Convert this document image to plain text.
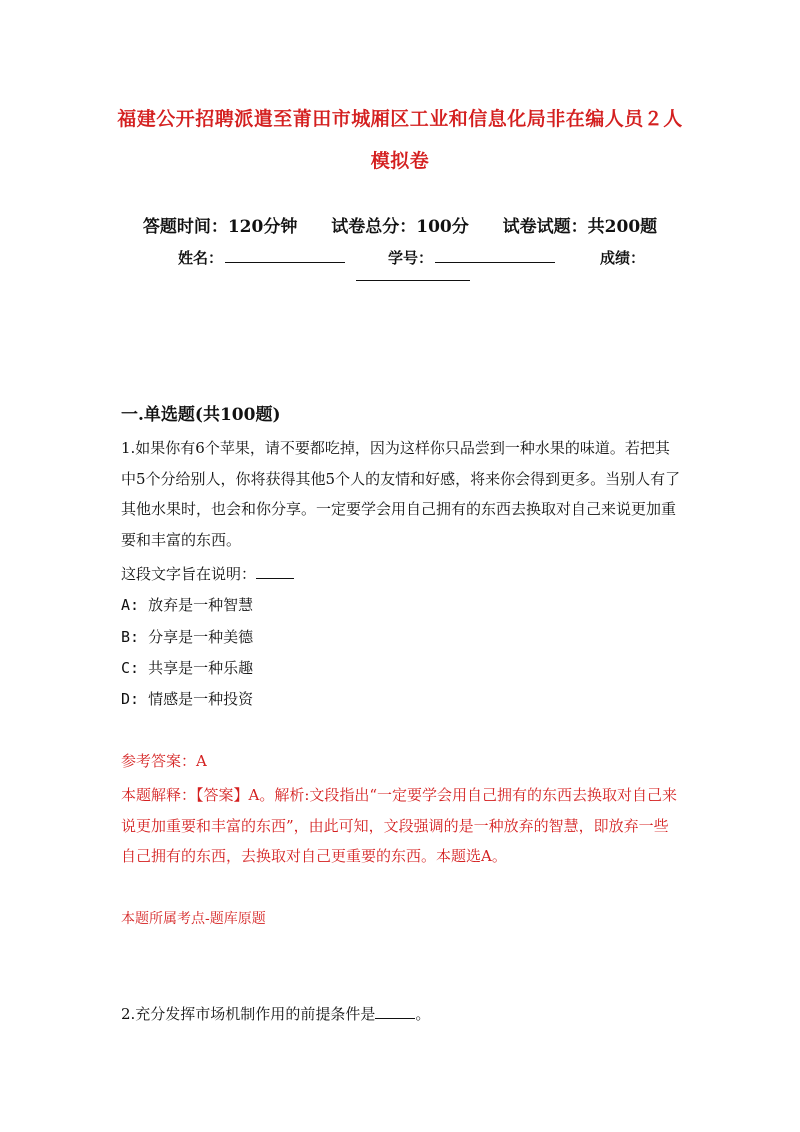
福建公开招聘派遣至莆田市城厢区工业和信息化局非在编人员２人
模拟卷
答题时间：120分钟 试卷总分：100分 试卷试题：共200题
姓名：	学号：	成绩：
一.单选题(共100题)
1.如果你有6个苹果，请不要都吃掉，因为这样你只品尝到一种水果的味道。若把其中5个分给别人，你将获得其他5个人的友情和好感，将来你会得到更多。当别人有了其他水果时，也会和你分享。一定要学会用自己拥有的东西去换取对自己来说更加重要和丰富的东西。
这段文字旨在说明：
A: 放弃是一种智慧
B: 分享是一种美德
C: 共享是一种乐趣
D: 情感是一种投资
参考答案：A
本题解释：【答案】A。解析:文段指出“一定要学会用自己拥有的东西去换取对自己来说更加重要和丰富的东西”，由此可知，文段强调的是一种放弃的智慧，即放弃一些自己拥有的东西，去换取对自己更重要的东西。本题选A。
本题所属考点-题库原题
2.充分发挥市场机制作用的前提条件是	。
